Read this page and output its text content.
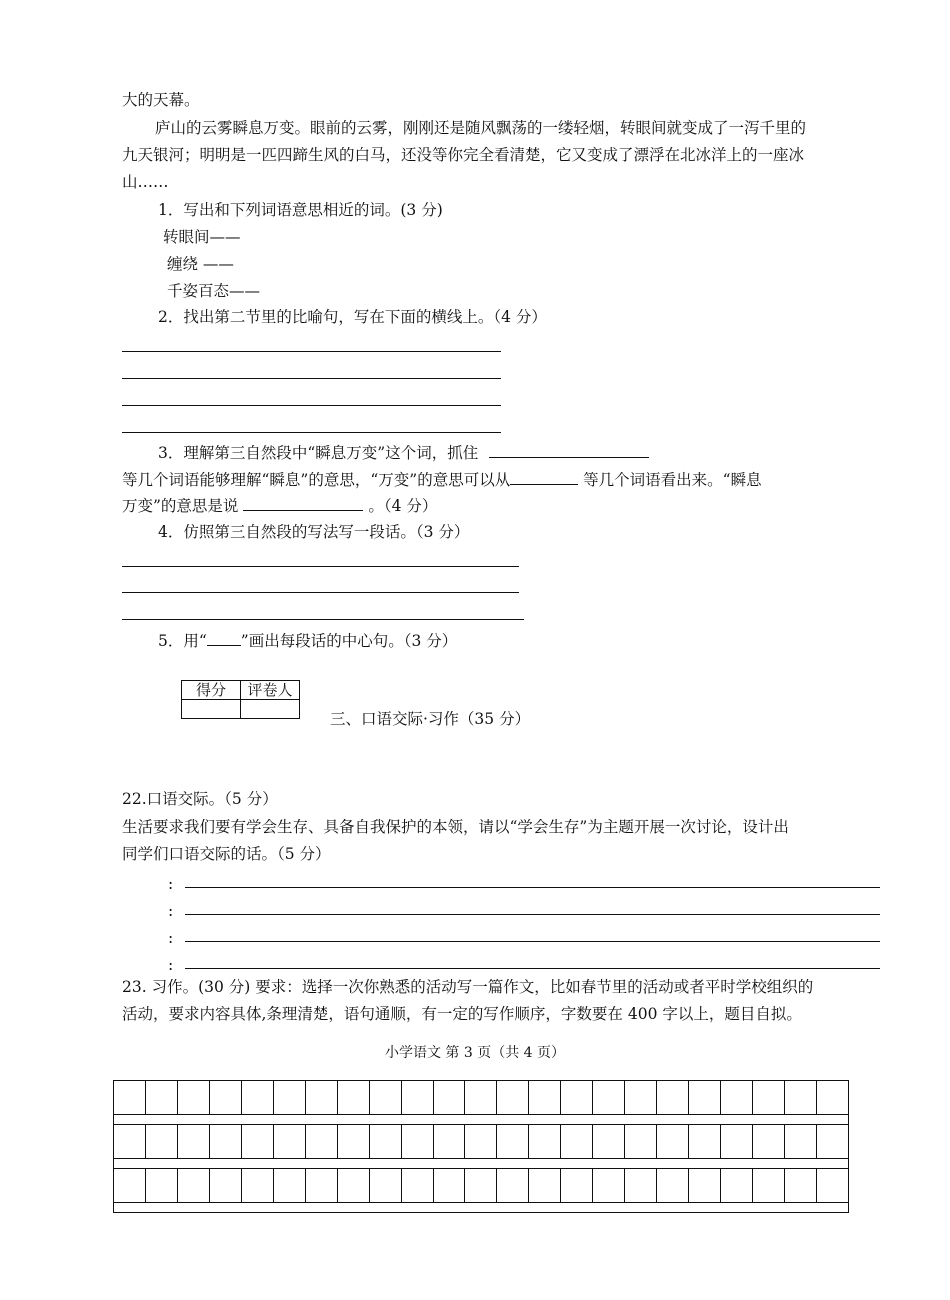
大的天幕。
庐山的云雾瞬息万变。眼前的云雾，刚刚还是随风飘荡的一缕轻烟，转眼间就变成了一泻千里的
九天银河；明明是一匹四蹄生风的白马，还没等你完全看清楚，它又变成了漂浮在北冰洋上的一座冰
山……
1．写出和下列词语意思相近的词。(3 分)
转眼间——
缠绕 ——
千姿百态——
2．找出第二节里的比喻句，写在下面的横线上。（4 分）
3．理解第三自然段中“瞬息万变”这个词，抓住
等几个词语能够理解“瞬息”的意思，“万变”的意思可以从	等几个词语看出来。“瞬息
万变”的意思是说	。（4 分）
4．仿照第三自然段的写法写一段话。（3 分）
5．用“ ”画出每段话的中心句。（3 分）
得分	评卷人

三、口语交际·习作（35 分）
22.口语交际。（5 分）
生活要求我们要有学会生存、具备自我保护的本领，请以“学会生存”为主题开展一次讨论，设计出
同学们口语交际的话。（5 分）
:
:
:
:
23. 习作。(30 分) 要求：选择一次你熟悉的活动写一篇作文，比如春节里的活动或者平时学校组织的
活动，要求内容具体,条理清楚，语句通顺，有一定的写作顺序，字数要在 400 字以上，题目自拟。
小学语文 第 3 页（共 4 页）
